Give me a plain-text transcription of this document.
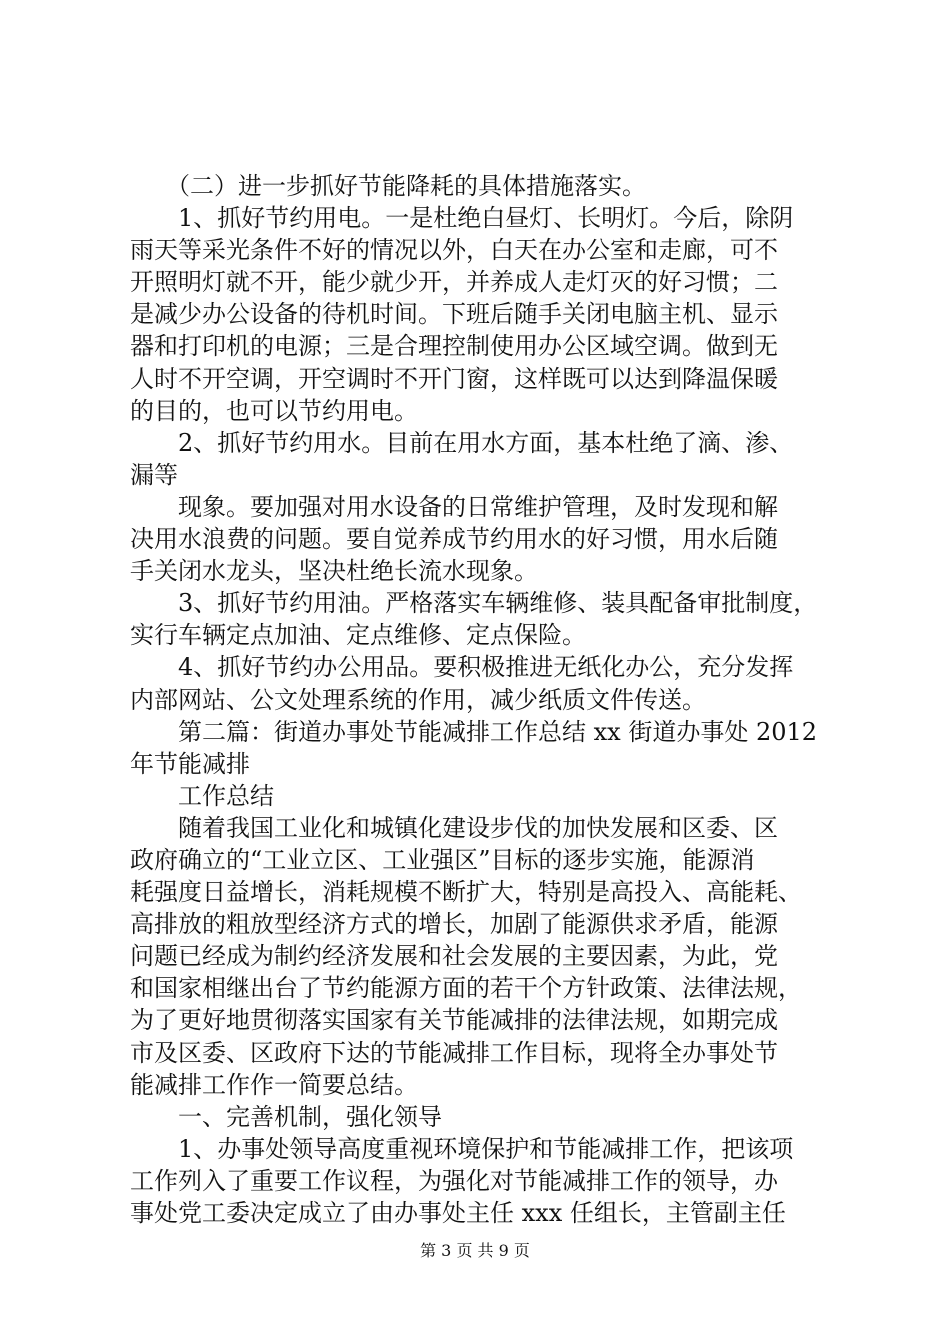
　　（二）进一步抓好节能降耗的具体措施落实。
　　1、抓好节约用电。一是杜绝白昼灯、长明灯。今后，除阴
雨天等采光条件不好的情况以外，白天在办公室和走廊，可不
开照明灯就不开，能少就少开，并养成人走灯灭的好习惯；二
是减少办公设备的待机时间。下班后随手关闭电脑主机、显示
器和打印机的电源；三是合理控制使用办公区域空调。做到无
人时不开空调，开空调时不开门窗，这样既可以达到降温保暖
的目的，也可以节约用电。
　　2、抓好节约用水。目前在用水方面，基本杜绝了滴、渗、
漏等
　　现象。要加强对用水设备的日常维护管理，及时发现和解
决用水浪费的问题。要自觉养成节约用水的好习惯，用水后随
手关闭水龙头，坚决杜绝长流水现象。
　　3、抓好节约用油。严格落实车辆维修、装具配备审批制度，
实行车辆定点加油、定点维修、定点保险。
　　4、抓好节约办公用品。要积极推进无纸化办公，充分发挥
内部网站、公文处理系统的作用，减少纸质文件传送。
　　第二篇：街道办事处节能减排工作总结 xx 街道办事处 2012
年节能减排
　　工作总结
　　随着我国工业化和城镇化建设步伐的加快发展和区委、区
政府确立的“工业立区、工业强区”目标的逐步实施，能源消
耗强度日益增长，消耗规模不断扩大，特别是高投入、高能耗、
高排放的粗放型经济方式的增长，加剧了能源供求矛盾，能源
问题已经成为制约经济发展和社会发展的主要因素，为此，党
和国家相继出台了节约能源方面的若干个方针政策、法律法规，
为了更好地贯彻落实国家有关节能减排的法律法规，如期完成
市及区委、区政府下达的节能减排工作目标，现将全办事处节
能减排工作作一简要总结。
　　一、完善机制，强化领导
　　1、办事处领导高度重视环境保护和节能减排工作，把该项
工作列入了重要工作议程，为强化对节能减排工作的领导，办
事处党工委决定成立了由办事处主任 xxx 任组长，主管副主任
第 3 页 共 9 页
